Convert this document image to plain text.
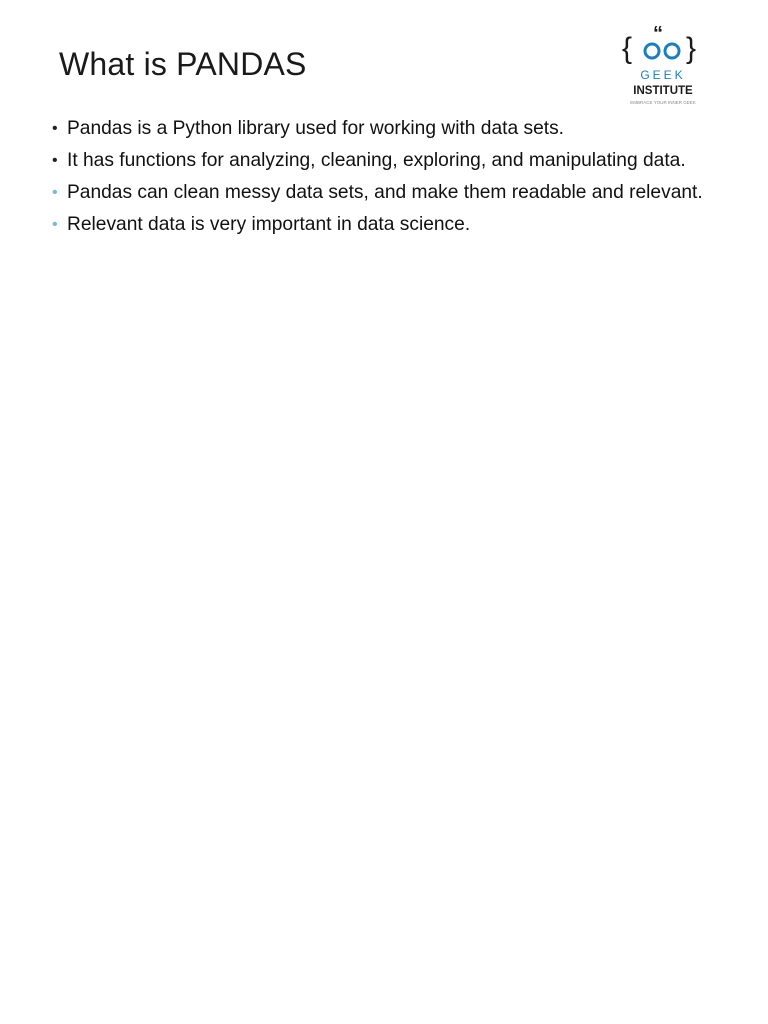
What is PANDAS	{ }
“
GEEK
INSTITUTE
EMBRACE YOUR INNER GEEK
• Pandas is a Python library used for working with data sets.
• It has functions for analyzing, cleaning, exploring, and manipulating data.
• Pandas can clean messy data sets, and make them readable and relevant.
• Relevant data is very important in data science.
